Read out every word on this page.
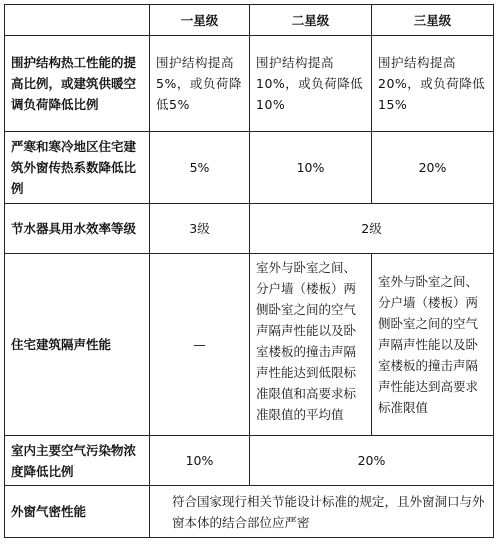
	一星级	二星级	三星级
围护结构热工性能的提高比例，或建筑供暖空调负荷降低比例	围护结构提高5%，或负荷降低5%	围护结构提高10%，或负荷降低10%	围护结构提高20%，或负荷降低15%
严寒和寒冷地区住宅建筑外窗传热系数降低比例	5%	10%	20%
节水器具用水效率等级	3级	2级	
住宅建筑隔声性能	—	室外与卧室之间、分户墙（楼板）两侧卧室之间的空气声隔声性能以及卧室楼板的撞击声隔声性能达到低限标准限值和高要求标准限值的平均值	室外与卧室之间、分户墙（楼板）两侧卧室之间的空气声隔声性能以及卧室楼板的撞击声隔声性能达到高要求标准限值
室内主要空气污染物浓度降低比例	10%	20%	
外窗气密性能	符合国家现行相关节能设计标准的规定，且外窗洞口与外窗本体的结合部位应严密		
